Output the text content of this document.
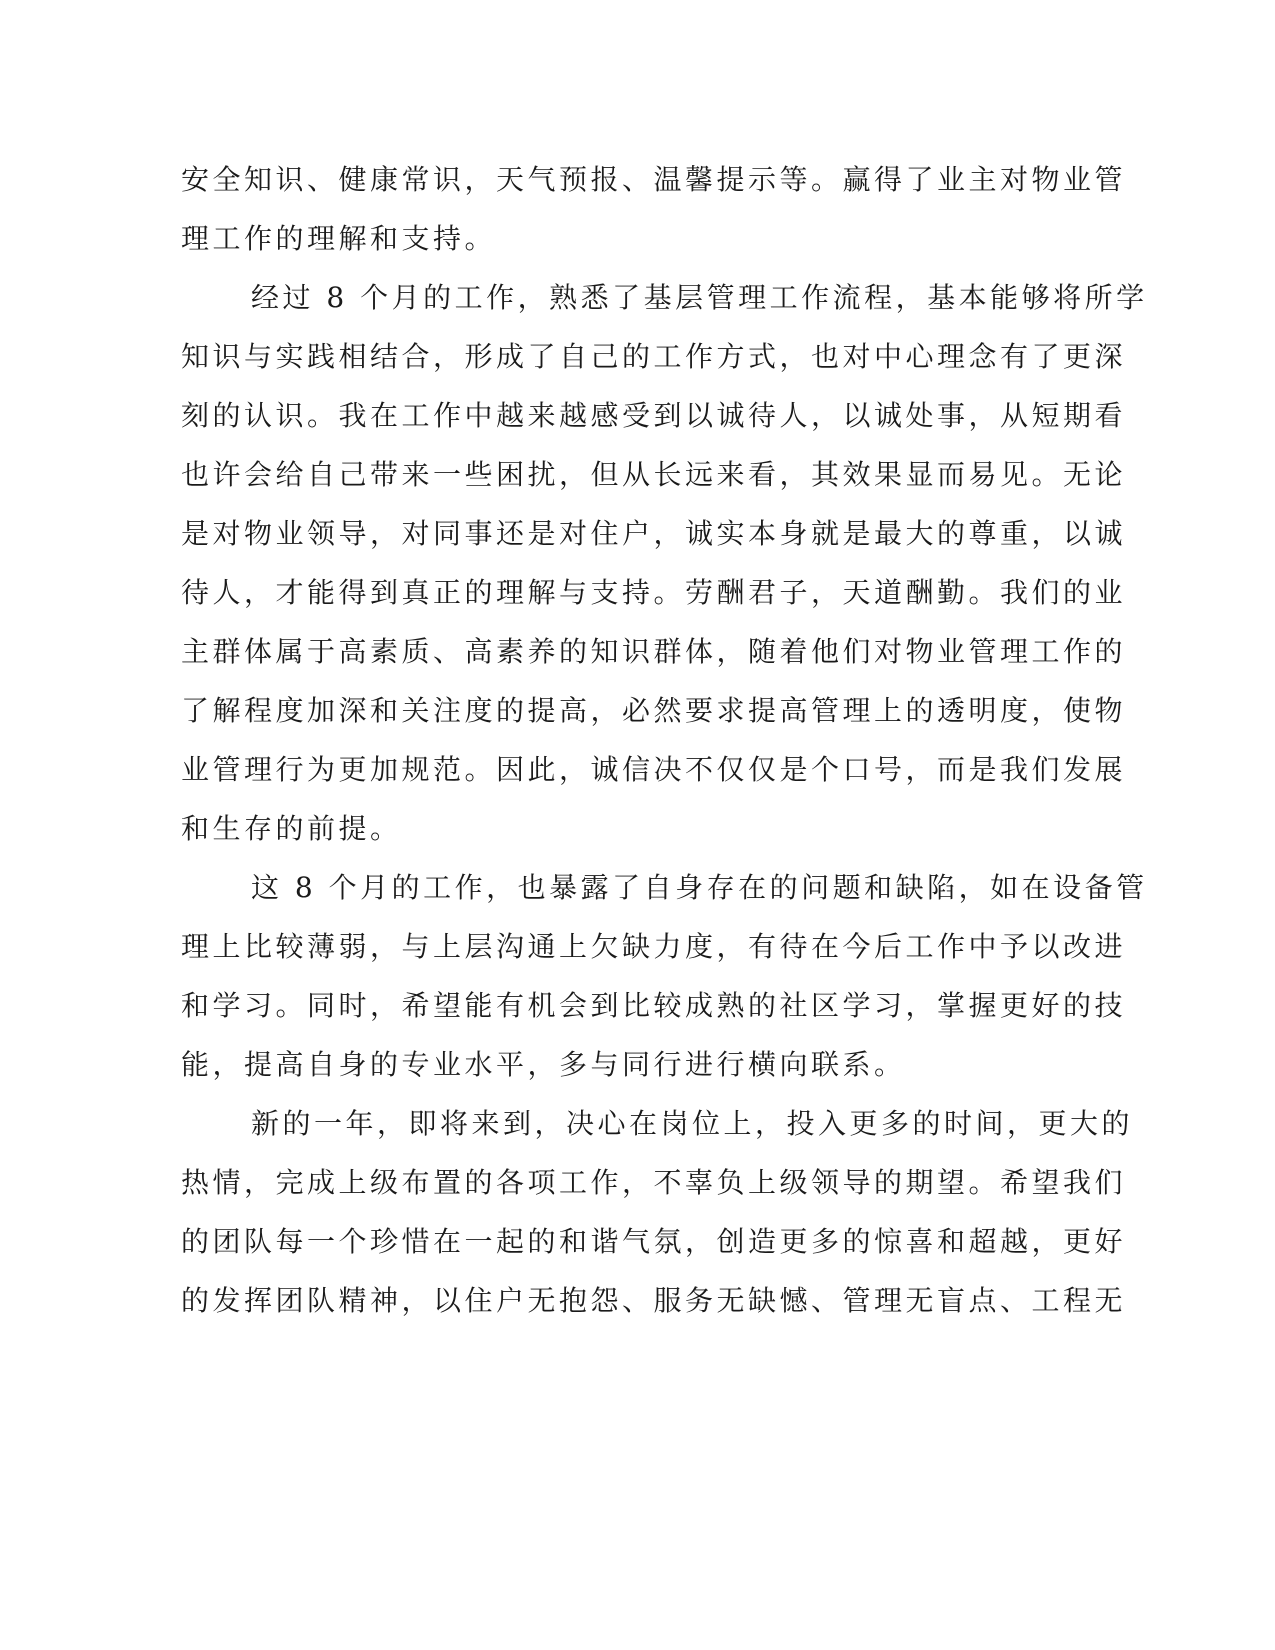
安全知识、健康常识，天气预报、温馨提示等。赢得了业主对物业管
理工作的理解和支持。
经过 8 个月的工作，熟悉了基层管理工作流程，基本能够将所学
知识与实践相结合，形成了自己的工作方式，也对中心理念有了更深
刻的认识。我在工作中越来越感受到以诚待人，以诚处事，从短期看
也许会给自己带来一些困扰，但从长远来看，其效果显而易见。无论
是对物业领导，对同事还是对住户，诚实本身就是最大的尊重，以诚
待人，才能得到真正的理解与支持。劳酬君子，天道酬勤。我们的业
主群体属于高素质、高素养的知识群体，随着他们对物业管理工作的
了解程度加深和关注度的提高，必然要求提高管理上的透明度，使物
业管理行为更加规范。因此，诚信决不仅仅是个口号，而是我们发展
和生存的前提。
这 8 个月的工作，也暴露了自身存在的问题和缺陷，如在设备管
理上比较薄弱，与上层沟通上欠缺力度，有待在今后工作中予以改进
和学习。同时，希望能有机会到比较成熟的社区学习，掌握更好的技
能，提高自身的专业水平，多与同行进行横向联系。
新的一年，即将来到，决心在岗位上，投入更多的时间，更大的
热情，完成上级布置的各项工作，不辜负上级领导的期望。希望我们
的团队每一个珍惜在一起的和谐气氛，创造更多的惊喜和超越，更好
的发挥团队精神，以住户无抱怨、服务无缺憾、管理无盲点、工程无
